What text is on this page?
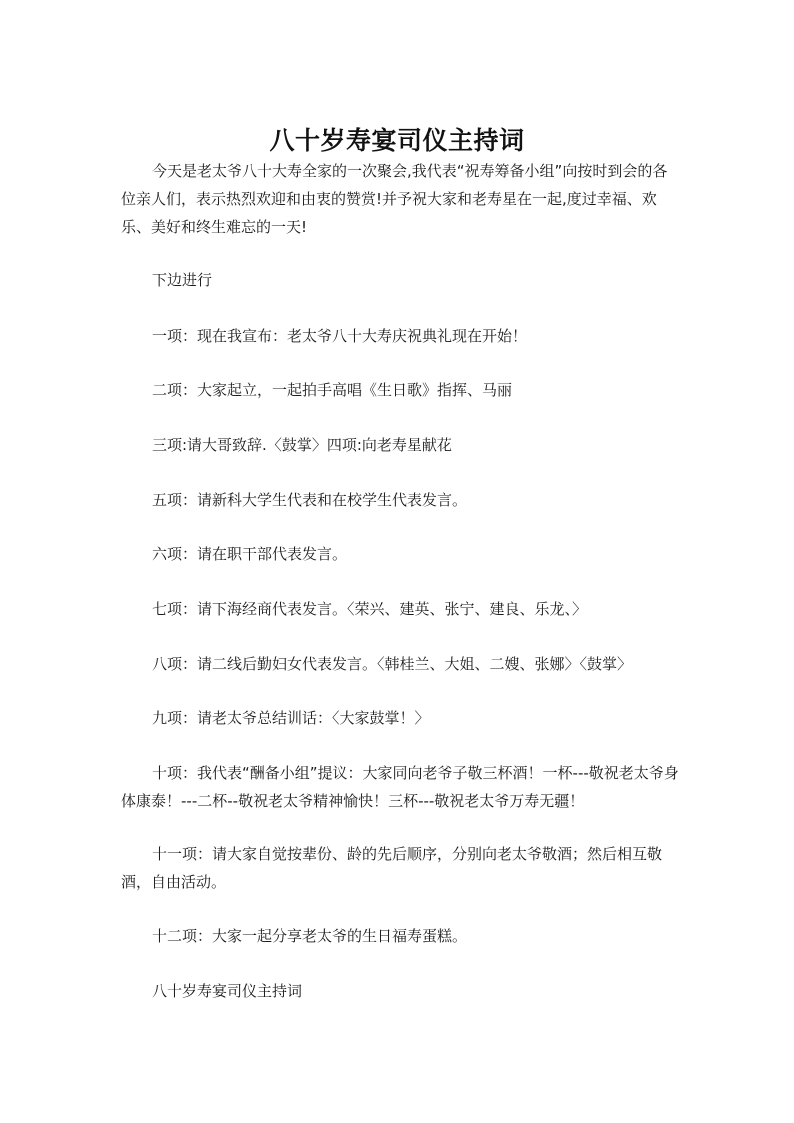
八十岁寿宴司仪主持词

今天是老太爷八十大寿全家的一次聚会,我代表“祝寿筹备小组”向按时到会的各位亲人们，表示热烈欢迎和由衷的赞赏!并予祝大家和老寿星在一起,度过幸福、欢乐、美好和终生难忘的一天!

下边进行

一项：现在我宣布：老太爷八十大寿庆祝典礼现在开始！

二项：大家起立，一起拍手高唱《生日歌》指挥、马丽

三项:请大哥致辞.〈鼓掌〉四项:向老寿星献花

五项：请新科大学生代表和在校学生代表发言。

六项：请在职干部代表发言。

七项：请下海经商代表发言。〈荣兴、建英、张宁、建良、乐龙、〉

八项：请二线后勤妇女代表发言。〈韩桂兰、大姐、二嫂、张娜〉〈鼓掌〉

九项：请老太爷总结训话：〈大家鼓掌！〉

十项：我代表“酬备小组”提议：大家同向老爷子敬三杯酒！一杯---敬祝老太爷身体康泰！---二杯--敬祝老太爷精神愉快！三杯---敬祝老太爷万寿无疆！

十一项：请大家自觉按辈份、龄的先后顺序，分别向老太爷敬酒；然后相互敬酒，自由活动。

十二项：大家一起分享老太爷的生日福寿蛋糕。

八十岁寿宴司仪主持词
